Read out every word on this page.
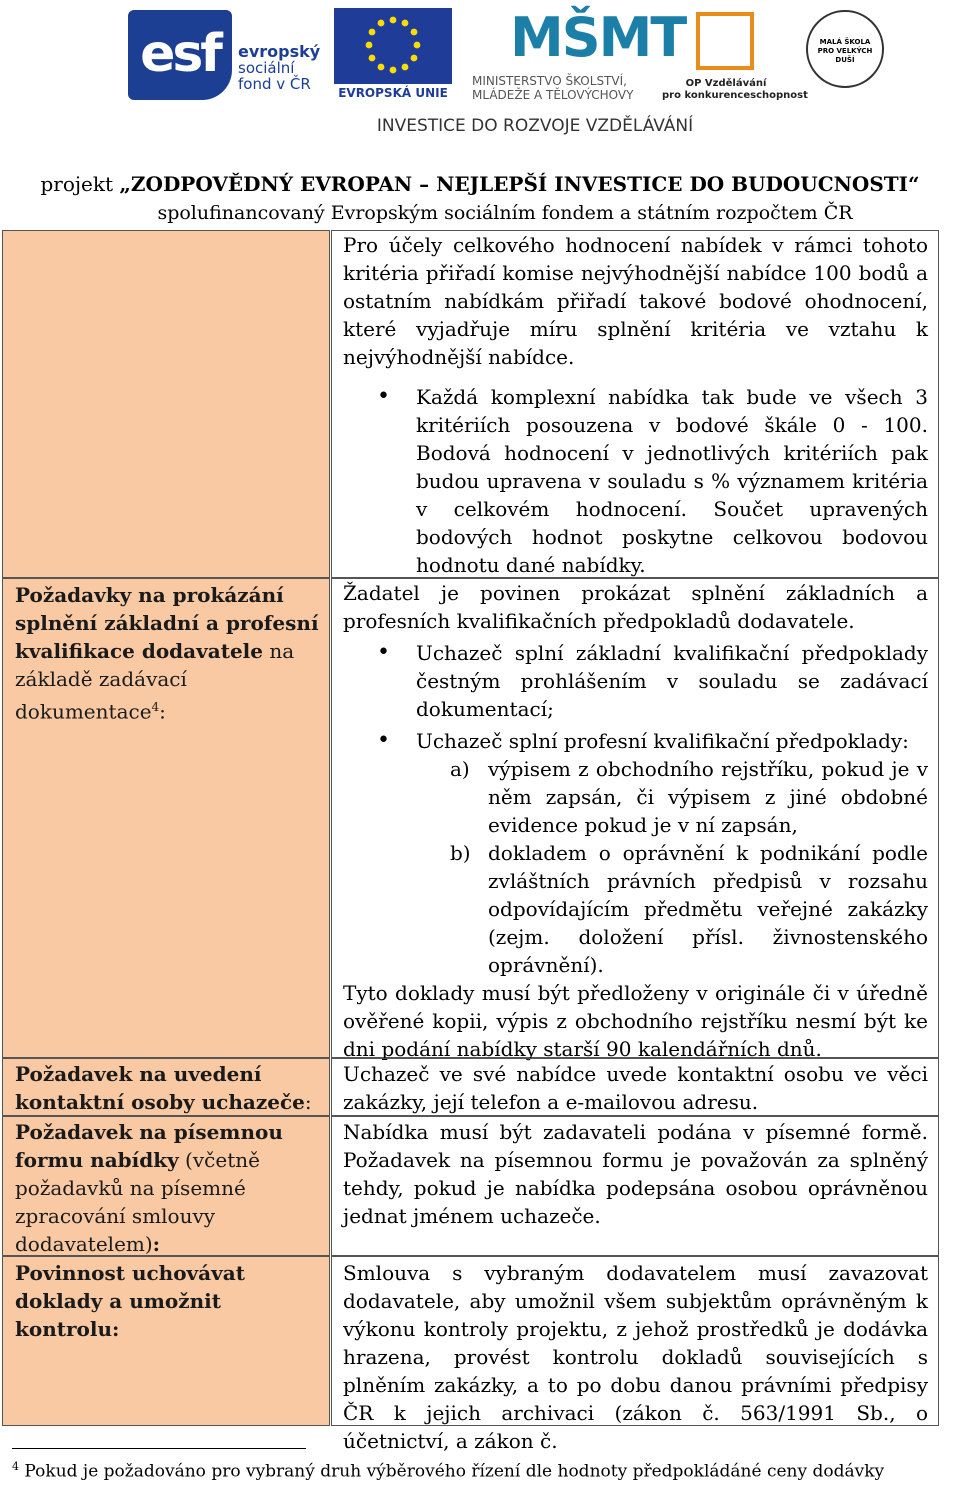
esf	evropský
sociální
fond v ČR	EVROPSKÁ UNIE
MŠMT
MINISTERSTVO ŠKOLSTVÍ,
MLÁDEŽE A TĚLOVÝCHOVY
OP Vzdělávání
pro konkurenceschopnost
MALÁ ŠKOLA
PRO VELKÝCH
DUŠÍ
INVESTICE DO ROZVOJE VZDĚLÁVÁNÍ
projekt „ZODPOVĚDNÝ EVROPAN – NEJLEPŠÍ INVESTICE DO BUDOUCNOSTI“
spolufinancovaný Evropským sociálním fondem a státním rozpočtem ČR

Pro účely celkového hodnocení nabídek v rámci tohoto kritéria přiřadí komise nejvýhodnější nabídce 100 bodů a ostatním nabídkám přiřadí takové bodové ohodnocení, které vyjadřuje míru splnění kritéria ve vztahu k nejvýhodnější nabídce.

• Každá komplexní nabídka tak bude ve všech 3 kritériích posouzena v bodové škále 0 - 100. Bodová hodnocení v jednotlivých kritériích pak budou upravena v souladu s % významem kritéria v celkovém hodnocení. Součet upravených bodových hodnot poskytne celkovou bodovou hodnotu dané nabídky.

Požadavky na prokázání splnění základní a profesní kvalifikace dodavatele na základě zadávací dokumentace$^4$:

Žadatel je povinen prokázat splnění základních a profesních kvalifikačních předpokladů dodavatele.

• Uchazeč splní základní kvalifikační předpoklady čestným prohlášením v souladu se zadávací dokumentací;

• Uchazeč splní profesní kvalifikační předpoklady:

a) výpisem z obchodního rejstříku, pokud je v něm zapsán, či výpisem z jiné obdobné evidence pokud je v ní zapsán,

b) dokladem o oprávnění k podnikání podle zvláštních právních předpisů v rozsahu odpovídajícím předmětu veřejné zakázky (zejm. doložení přísl. živnostenského oprávnění).

Tyto doklady musí být předloženy v originále či v úředně ověřené kopii, výpis z obchodního rejstříku nesmí být ke dni podání nabídky starší 90 kalendářních dnů.

Požadavek na uvedení kontaktní osoby uchazeče:

Uchazeč ve své nabídce uvede kontaktní osobu ve věci zakázky, její telefon a e-mailovou adresu.

Požadavek na písemnou formu nabídky (včetně požadavků na písemné zpracování smlouvy dodavatelem):

Nabídka musí být zadavateli podána v písemné formě. Požadavek na písemnou formu je považován za splněný tehdy, pokud je nabídka podepsána osobou oprávněnou jednat jménem uchazeče.

Povinnost uchovávat doklady a umožnit kontrolu:

Smlouva s vybraným dodavatelem musí zavazovat dodavatele, aby umožnil všem subjektům oprávněným k výkonu kontroly projektu, z jehož prostředků je dodávka hrazena, provést kontrolu dokladů souvisejících s plněním zakázky, a to po dobu danou právními předpisy ČR k jejich archivaci (zákon č. 563/1991 Sb., o účetnictví, a zákon č.

$^4$ Pokud je požadováno pro vybraný druh výběrového řízení dle hodnoty předpokládáné ceny dodávky
